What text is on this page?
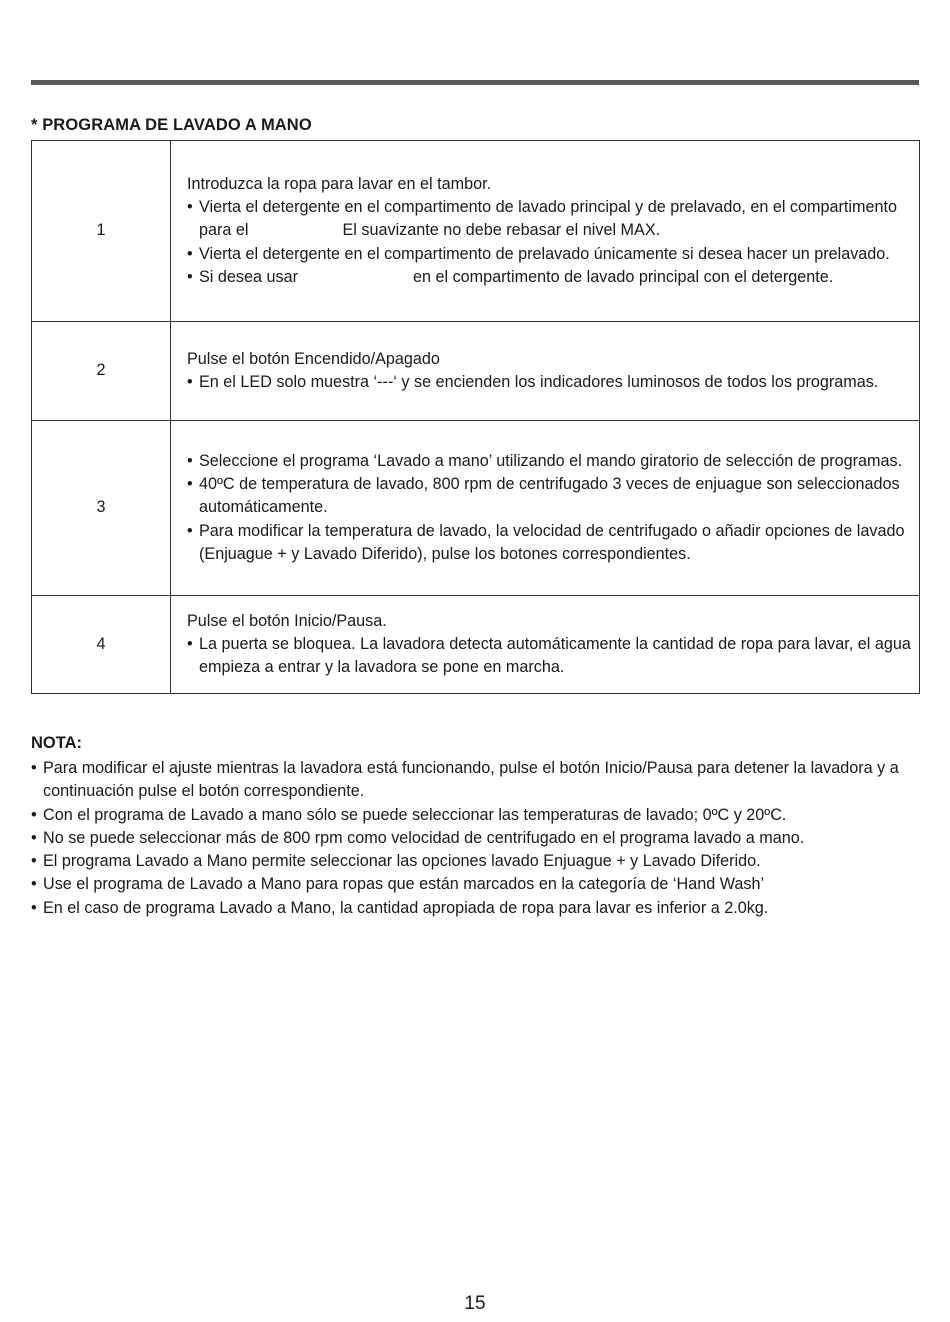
* PROGRAMA DE LAVADO A MANO
1	Introduzca la ropa para lavar en el tambor.

• Vierta el detergente en el compartimento de lavado principal y de prelavado, en el compartimento para el El suavizante no debe rebasar el nivel MAX.

• Vierta el detergente en el compartimento de prelavado únicamente si desea hacer un prelavado.

• Si desea usar en el compartimento de lavado principal con el detergente.

2	Pulse el botón Encendido/Apagado

• En el LED solo muestra ‘---‘ y se encienden los indicadores luminosos de todos los programas.

3	• Seleccione el programa ‘Lavado a mano’ utilizando el mando giratorio de selección de programas.

• 40ºC de temperatura de lavado, 800 rpm de centrifugado 3 veces de enjuague son seleccionados automáticamente.

• Para modificar la temperatura de lavado, la velocidad de centrifugado o añadir opciones de lavado (Enjuague + y Lavado Diferido), pulse los botones correspondientes.

4	Pulse el botón Inicio/Pausa.

• La puerta se bloquea. La lavadora detecta automáticamente la cantidad de ropa para lavar, el agua empieza a entrar y la lavadora se pone en marcha.

NOTA:
• Para modificar el ajuste mientras la lavadora está funcionando, pulse el botón Inicio/Pausa para detener la lavadora y a continuación pulse el botón correspondiente.
• Con el programa de Lavado a mano sólo se puede seleccionar las temperaturas de lavado; 0ºC y 20ºC.
• No se puede seleccionar más de 800 rpm como velocidad de centrifugado en el programa lavado a mano.
• El programa Lavado a Mano permite seleccionar las opciones lavado Enjuague + y Lavado Diferido.
• Use el programa de Lavado a Mano para ropas que están marcados en la categoría de ‘Hand Wash’
• En el caso de programa Lavado a Mano, la cantidad apropiada de ropa para lavar es inferior a 2.0kg.
15
